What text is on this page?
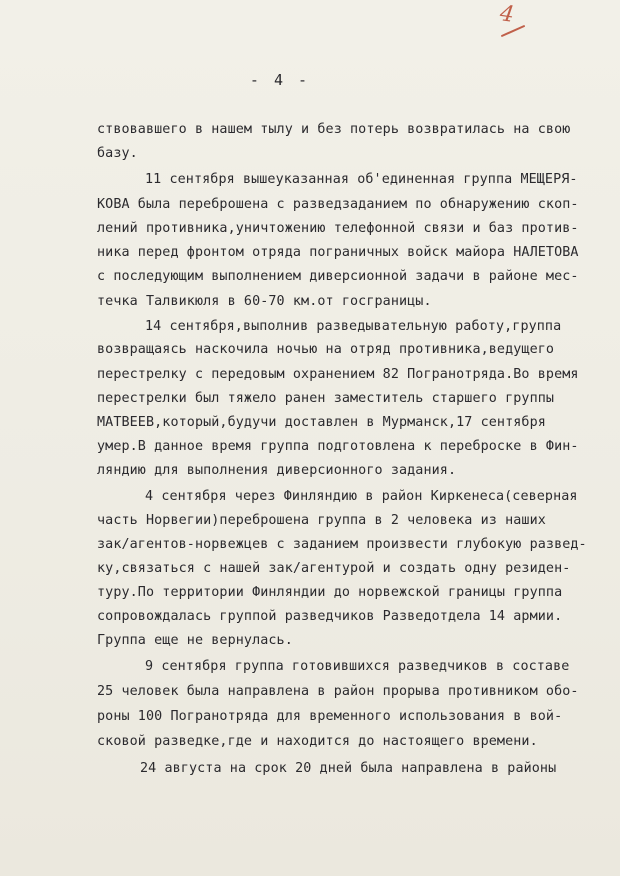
4
- 4 -
ствовавшего в нашем тылу и без потерь возвратилась на свою
базу.
11 сентября вышеуказанная об'единенная группа МЕЩЕРЯ-
КОВА была переброшена с разведзаданием по обнаружению скоп-
лений противника,уничтожению телефонной связи и баз против-
ника перед фронтом отряда пограничных войск майора НАЛЕТОВА
с последующим выполнением диверсионной задачи в районе мес-
течка Талвикюля в 60-70 км.от госграницы.
14 сентября,выполнив разведывательную работу,группа
возвращаясь наскочила ночью на отряд противника,ведущего
перестрелку с передовым охранением 82 Погранотряда.Во время
перестрелки был тяжело ранен заместитель старшего группы
МАТВЕЕВ,который,будучи доставлен в Мурманск,17 сентября
умер.В данное время группа подготовлена к переброске в Фин-
ляндию для выполнения диверсионного задания.
4 сентября через Финляндию в район Киркенеса(северная
часть Норвегии)переброшена группа в 2 человека из наших
зак/агентов-норвежцев с заданием произвести глубокую развед-
ку,связаться с нашей зак/агентурой и создать одну резиден-
туру.По территории Финляндии до норвежской границы группа
сопровождалась группой разведчиков Разведотдела 14 армии.
Группа еще не вернулась.
9 сентября группа готовившихся разведчиков в составе
25 человек была направлена в район прорыва противником обо-
роны 100 Погранотряда для временного использования в вой-
сковой разведке,где и находится до настоящего времени.
24 августа на срок 20 дней была направлена в районы
